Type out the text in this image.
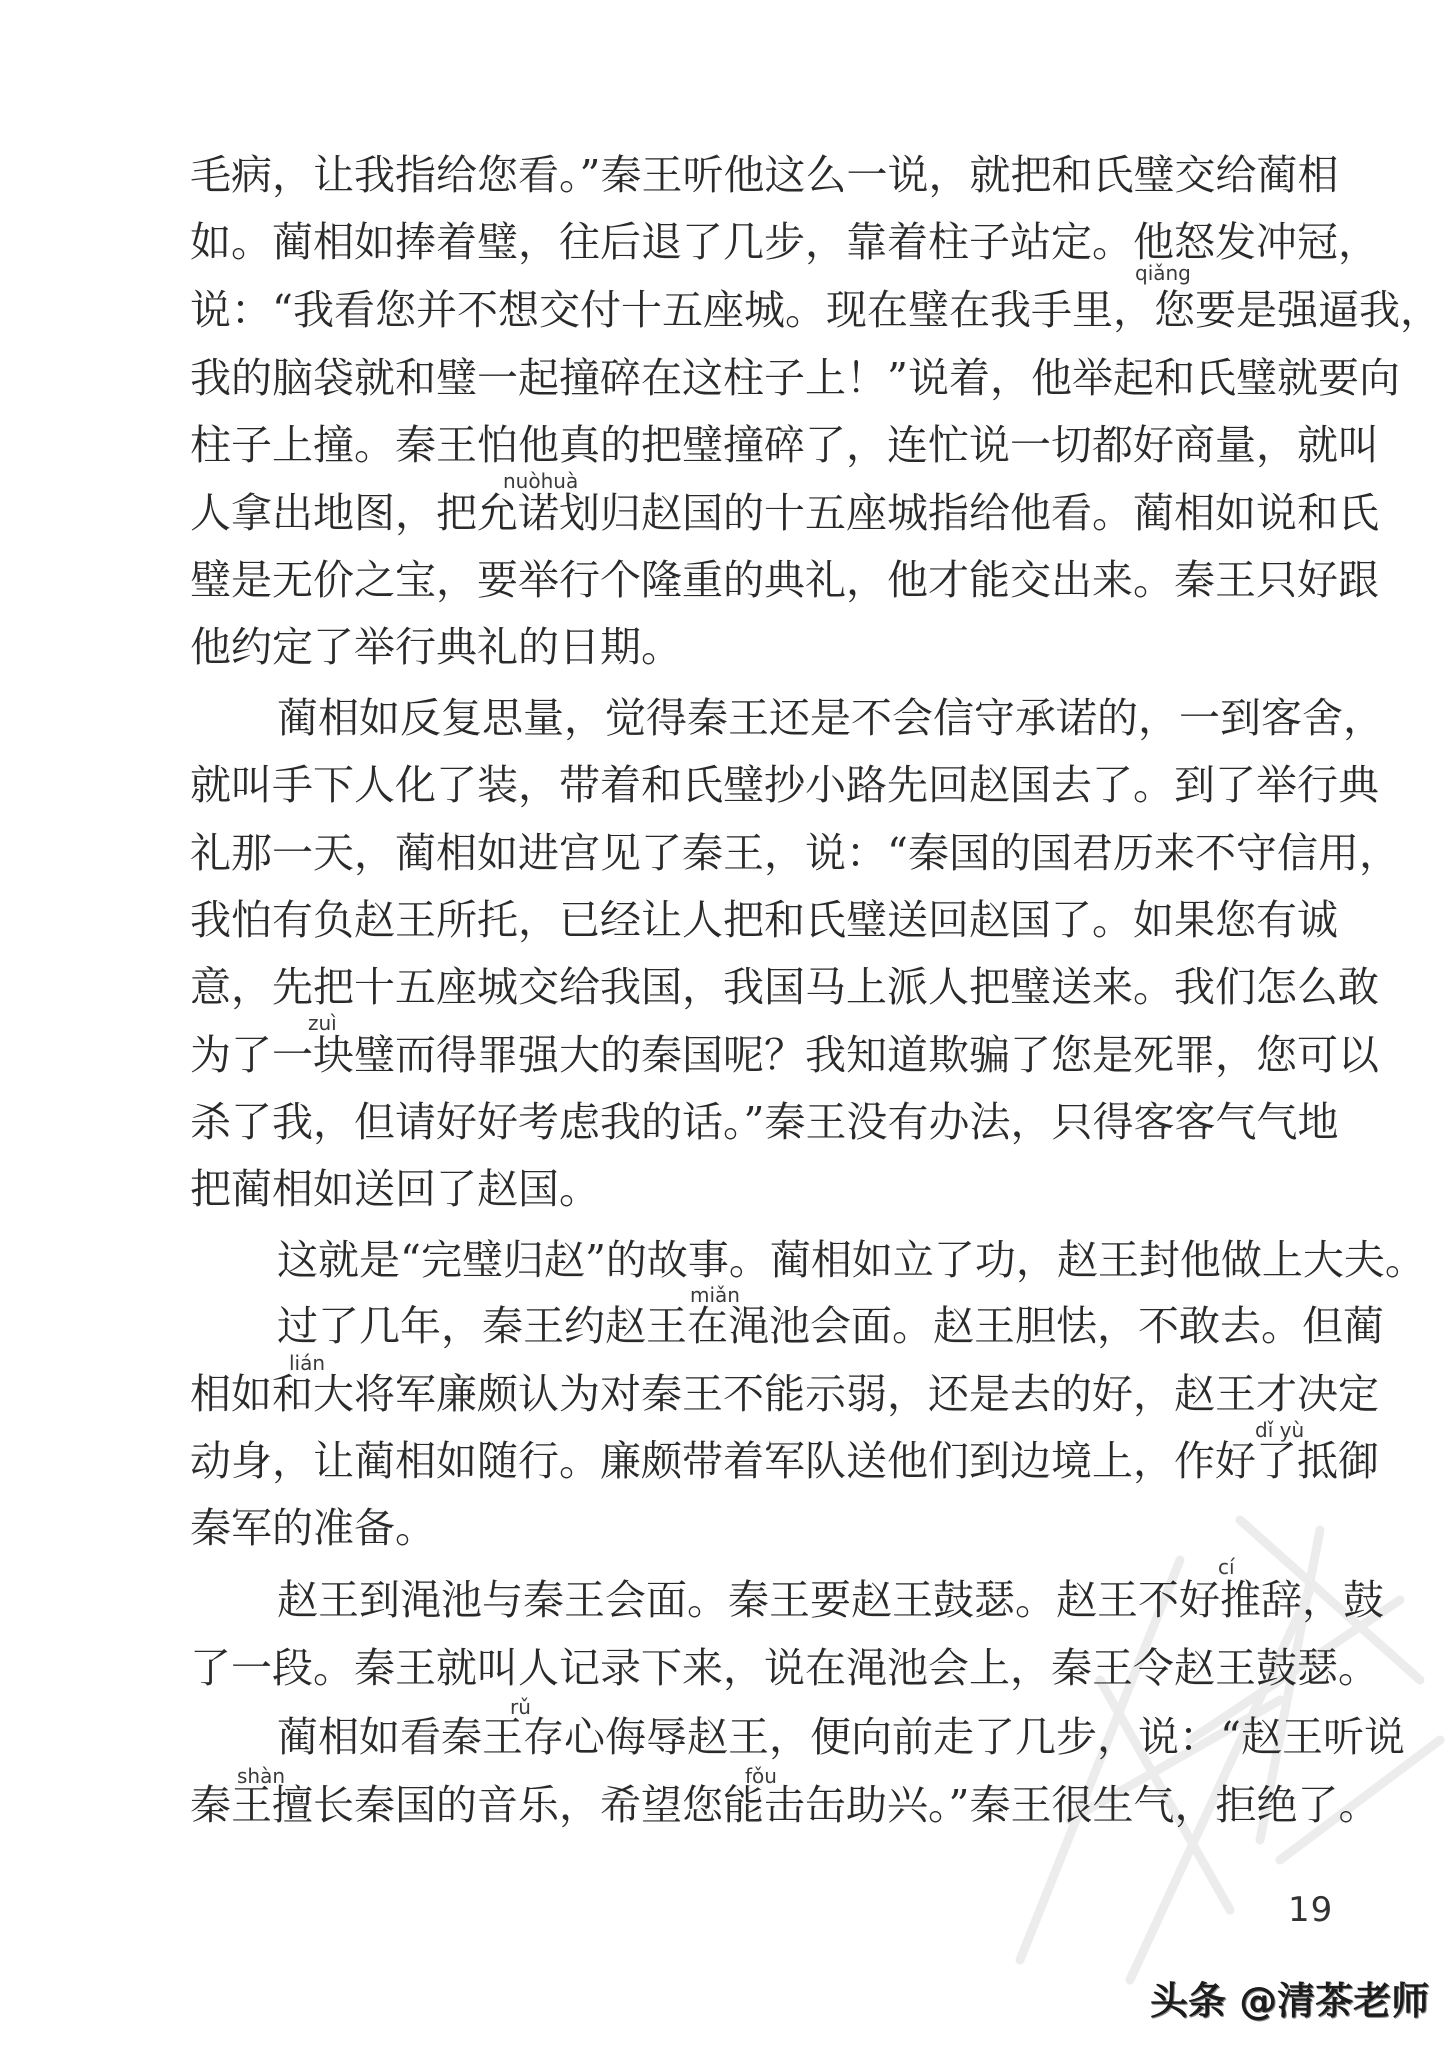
qiǎng
nuòhuà
zuì
miǎn
lián
dǐ yù
cí
rǔ
shàn	fǒu
毛病，让我指给您看。”秦王听他这么一说，就把和氏璧交给蔺相
如。蔺相如捧着璧，往后退了几步，靠着柱子站定。他怒发冲冠，
说：“我看您并不想交付十五座城。现在璧在我手里，您要是强逼我，
我的脑袋就和璧一起撞碎在这柱子上！”说着，他举起和氏璧就要向
柱子上撞。秦王怕他真的把璧撞碎了，连忙说一切都好商量，就叫
人拿出地图，把允诺划归赵国的十五座城指给他看。蔺相如说和氏
璧是无价之宝，要举行个隆重的典礼，他才能交出来。秦王只好跟
他约定了举行典礼的日期。
蔺相如反复思量，觉得秦王还是不会信守承诺的，一到客舍，
就叫手下人化了装，带着和氏璧抄小路先回赵国去了。到了举行典
礼那一天，蔺相如进宫见了秦王，说：“秦国的国君历来不守信用，
我怕有负赵王所托，已经让人把和氏璧送回赵国了。如果您有诚
意，先把十五座城交给我国，我国马上派人把璧送来。我们怎么敢
为了一块璧而得罪强大的秦国呢？我知道欺骗了您是死罪，您可以
杀了我，但请好好考虑我的话。”秦王没有办法，只得客客气气地
把蔺相如送回了赵国。
这就是“完璧归赵”的故事。蔺相如立了功，赵王封他做上大夫。
过了几年，秦王约赵王在渑池会面。赵王胆怯，不敢去。但蔺
相如和大将军廉颇认为对秦王不能示弱，还是去的好，赵王才决定
动身，让蔺相如随行。廉颇带着军队送他们到边境上，作好了抵御
秦军的准备。
赵王到渑池与秦王会面。秦王要赵王鼓瑟。赵王不好推辞，鼓
了一段。秦王就叫人记录下来，说在渑池会上，秦王令赵王鼓瑟。
蔺相如看秦王存心侮辱赵王，便向前走了几步，说：“赵王听说
秦王擅长秦国的音乐，希望您能击缶助兴。”秦王很生气，拒绝了。
19
头条 @清茶老师
